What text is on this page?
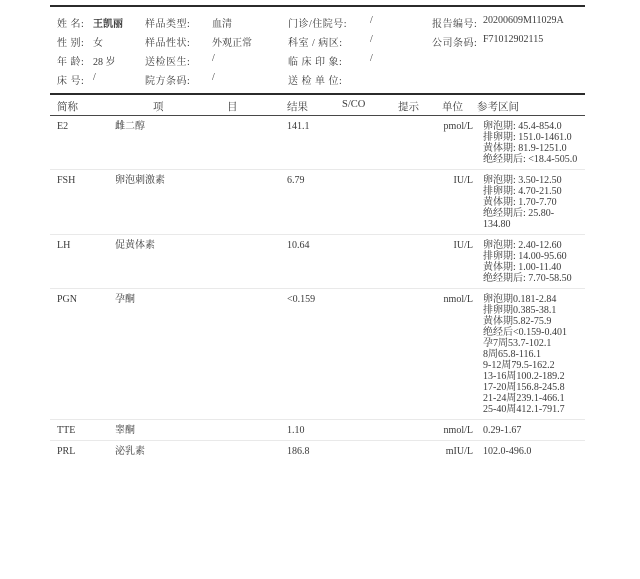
姓 名: 王凯丽 样品类型:	血清	门诊/住院号:	/	报告编号: 20200609M11029A
性 别: 女	样品性状:	外观正常	科室 / 病区:	/	公司条码: F71012902115
年 龄: 28 岁	送检医生:	/	临 床 印 象:	/
床 号: /	院方条码:	/	送 检 单 位:
简称	项	目	结果	S/CO	提示 单位 参考区间
E2	雌二醇	141.1	pmol/L	卵泡期: 45.4-854.0
排卵期: 151.0-1461.0
黄体期: 81.9-1251.0
绝经期后: <18.4-505.0
FSH	卵泡刺激素	6.79	IU/L	卵泡期: 3.50-12.50
排卵期: 4.70-21.50
黄体期: 1.70-7.70
绝经期后: 25.80-
134.80
LH	促黄体素	10.64	IU/L	卵泡期: 2.40-12.60
排卵期: 14.00-95.60
黄体期: 1.00-11.40
绝经期后: 7.70-58.50
PGN	孕酮	<0.159	nmol/L	卵泡期0.181-2.84
排卵期0.385-38.1
黄体期5.82-75.9
绝经后<0.159-0.401
孕7周53.7-102.1
8周65.8-116.1
9-12周79.5-162.2
13-16周100.2-189.2
17-20周156.8-245.8
21-24周239.1-466.1
25-40周412.1-791.7
TTE	睾酮	1.10	nmol/L	0.29-1.67
PRL	泌乳素	186.8	mIU/L	102.0-496.0
